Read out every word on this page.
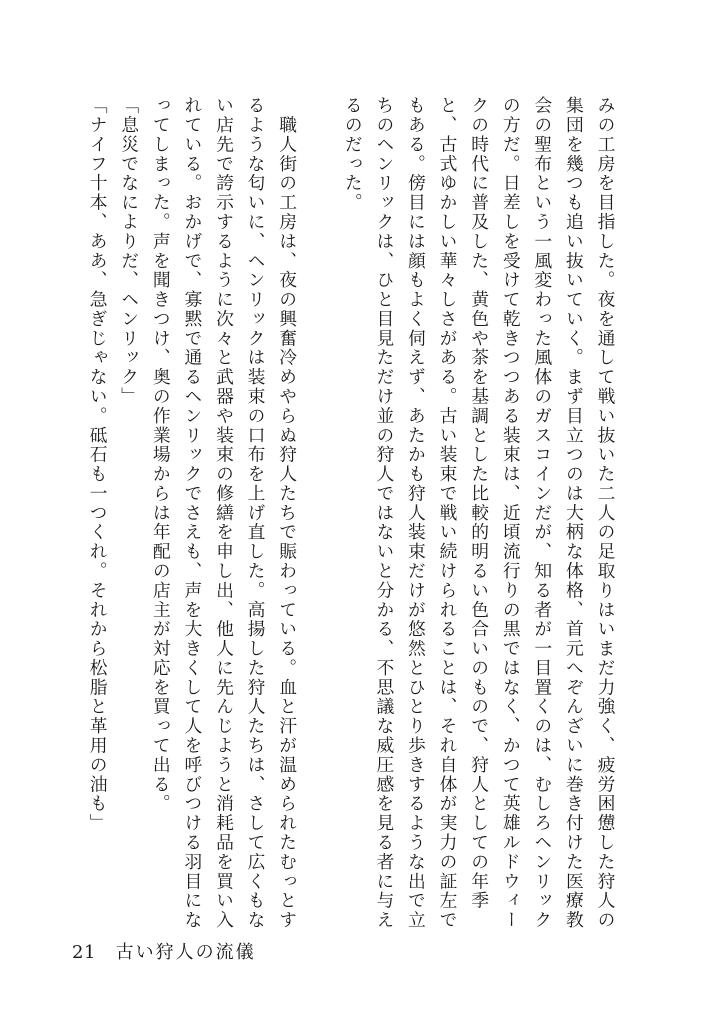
みの工房を目指した。夜を通して戦い抜いた二人の足取りはいまだ力強く、疲労困憊した狩人の
集団を幾つも追い抜いていく。まず目立つのは大柄な体格、首元へぞんざいに巻き付けた医療教
会の聖布という一風変わった風体のガスコインだが、知る者が一目置くのは、むしろヘンリック
の方だ。日差しを受けて乾きつつある装束は、近頃流行りの黒ではなく、かつて英雄ルドウィー
クの時代に普及した、黄色や茶を基調とした比較的明るい色合いのもので、狩人としての年季
と、古式ゆかしい華々しさがある。古い装束で戦い続けられることは、それ自体が実力の証左で
もある。傍目には顔もよく伺えず、あたかも狩人装束だけが悠然とひとり歩きするような出で立
ちのヘンリックは、ひと目見ただけ並の狩人ではないと分かる、不思議な威圧感を見る者に与え
るのだった。
　職人街の工房は、夜の興奮冷めやらぬ狩人たちで賑わっている。血と汗が温められたむっとす
るような匂いに、ヘンリックは装束の口布を上げ直した。高揚した狩人たちは、さして広くもな
い店先で誇示するように次々と武器や装束の修繕を申し出、他人に先んじようと消耗品を買い入
れている。おかげで、寡黙で通るヘンリックでさえも、声を大きくして人を呼びつける羽目にな
ってしまった。声を聞きつけ、奥の作業場からは年配の店主が対応を買って出る。
「息災でなによりだ、ヘンリック」
「ナイフ十本、ああ、急ぎじゃない。砥石も一つくれ。それから松脂と革用の油も」
21 古い狩人の流儀
